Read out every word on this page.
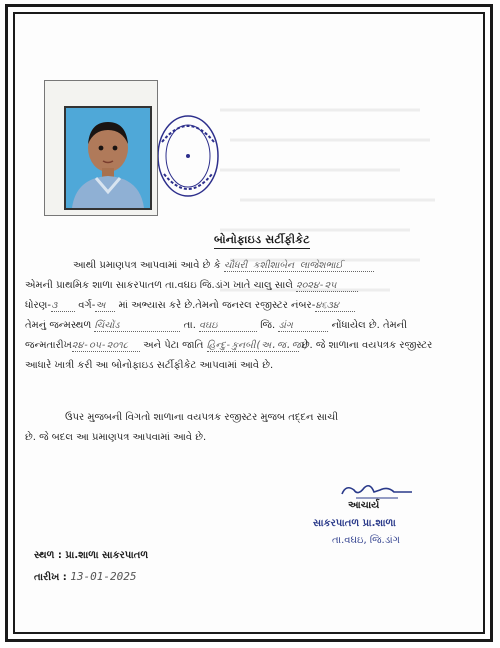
બોનોફાઇડ સર્ટીફીકેટ
આથી પ્રમાણપત્ર આપવામાં આવે છે કે ચૌધરી કશીશાબેન લાજેશભાઈ
એમની પ્રાથમિક શાળા સાકરપાતળ તા.વઘઇ જિ.ડાંગ ખાતે ચાલુ સાલે ૨૦૨૪-૨૫
ધોરણ-૩ વર્ગ-અ માં અભ્યાસ કરે છે.તેમનો જનરલ રજીસ્ટર નંબર-૪૬૩૪
તેમનું જન્મસ્થળ ચિંચોંડ	તા. વઘઇ	જિ. ડાંગ	નોંધાયેલ છે. તેમની
જન્મતારીખ૨૪-૦૫-૨૦૧૮ અને પેટા જાતિ હિન્દુ-કુનબી(અ.જ.જા) છે. જે શાળાના વયપત્રક રજીસ્ટર
આધારે ખાત્રી કરી આ બોનોફાઇડ સર્ટીફીકેટ આપવામાં આવે છે.
ઉપર મુજબની વિગતો શાળાના વયપત્રક રજીસ્ટર મુજબ તદ્દન સાચી
છે. જે બદલ આ પ્રમાણપત્ર આપવામાં આવે છે.
આચાર્ય
સાકરપાતળ પ્રા.શાળા
તા.વઘઇ, જિ.ડાંગ
સ્થળ : પ્રા.શાળા સાકરપાતળ
તારીખ : 13-01-2025
